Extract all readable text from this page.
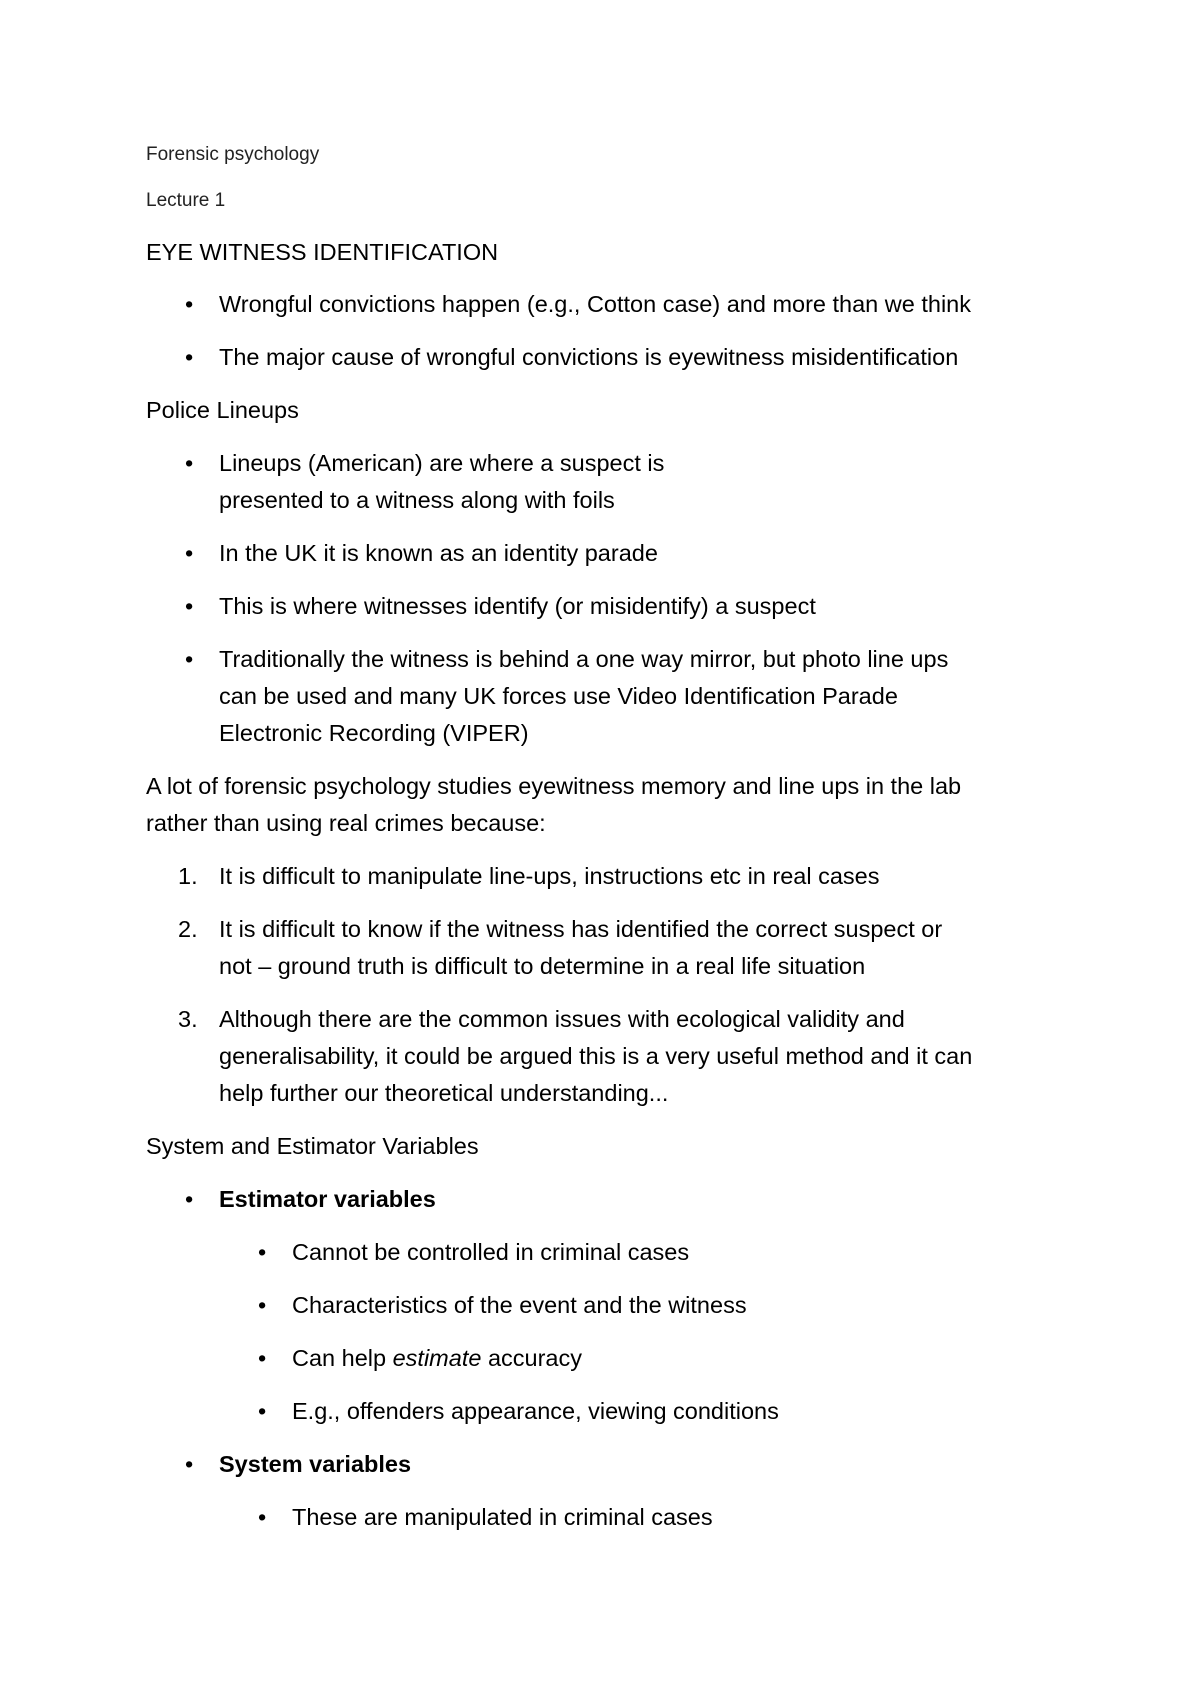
Forensic psychology
Lecture 1
EYE WITNESS IDENTIFICATION
• Wrongful convictions happen (e.g., Cotton case) and more than we think
• The major cause of wrongful convictions is eyewitness misidentification
Police Lineups
• Lineups (American) are where a suspect is
presented to a witness along with foils
• In the UK it is known as an identity parade
• This is where witnesses identify (or misidentify) a suspect
• Traditionally the witness is behind a one way mirror, but photo line ups
can be used and many UK forces use Video Identification Parade
Electronic Recording (VIPER)
A lot of forensic psychology studies eyewitness memory and line ups in the lab
rather than using real crimes because:
1. It is difficult to manipulate line-ups, instructions etc in real cases
2. It is difficult to know if the witness has identified the correct suspect or
not – ground truth is difficult to determine in a real life situation
3. Although there are the common issues with ecological validity and
generalisability, it could be argued this is a very useful method and it can
help further our theoretical understanding...
System and Estimator Variables
• Estimator variables
• Cannot be controlled in criminal cases
• Characteristics of the event and the witness
• Can help estimate accuracy
• E.g., offenders appearance, viewing conditions
• System variables
• These are manipulated in criminal cases
